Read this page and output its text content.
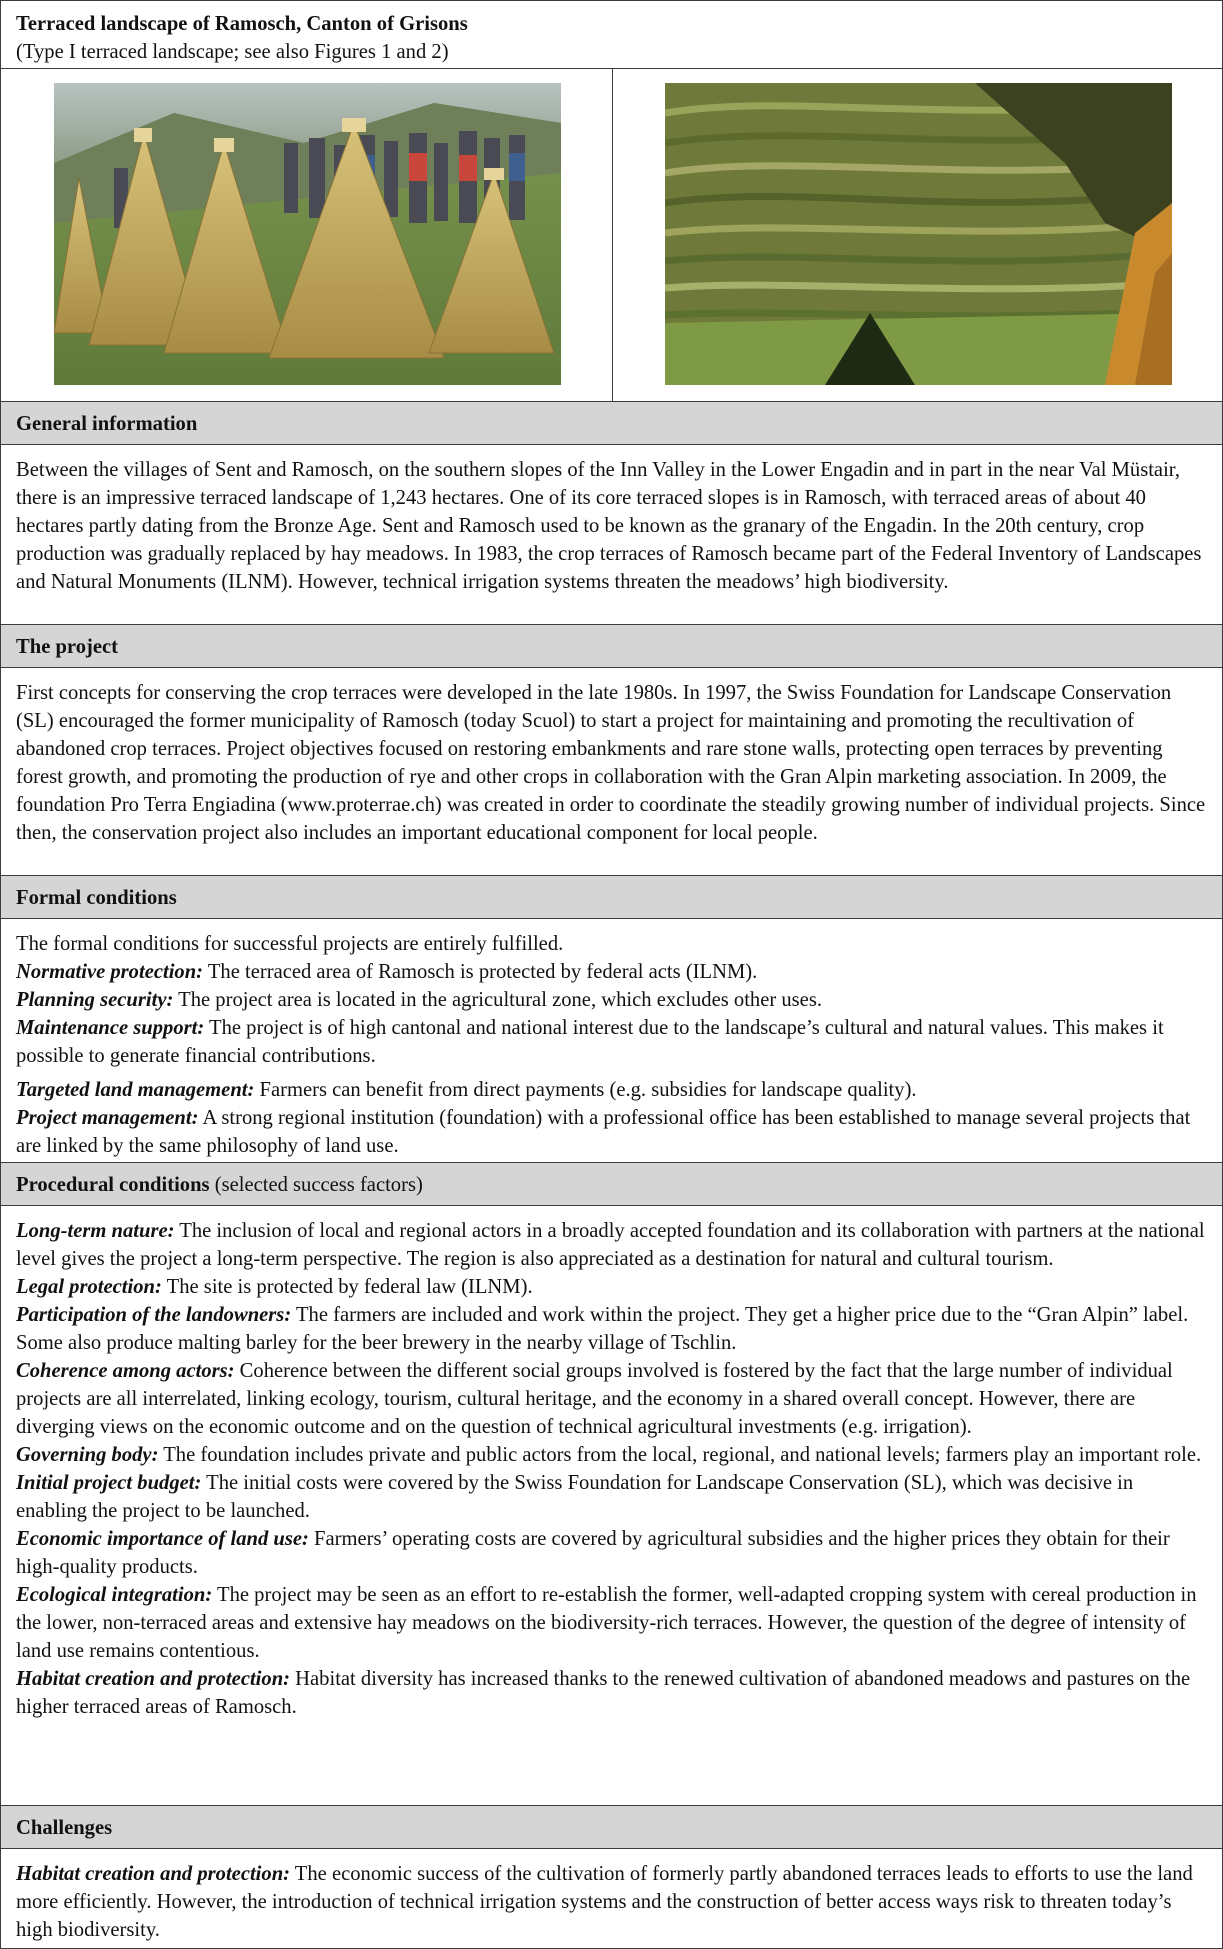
Terraced landscape of Ramosch, Canton of Grisons
(Type I terraced landscape; see also Figures 1 and 2)
General information

Between the villages of Sent and Ramosch, on the southern slopes of the Inn Valley in the Lower Engadin and in part in the near Val Müstair, there is an impressive terraced landscape of 1,243 hectares. One of its core terraced slopes is in Ramosch, with terraced areas of about 40 hectares partly dating from the Bronze Age. Sent and Ramosch used to be known as the granary of the Engadin. In the 20th century, crop production was gradually replaced by hay meadows. In 1983, the crop terraces of Ramosch became part of the Federal Inventory of Landscapes and Natural Monuments (ILNM). However, technical irrigation systems threaten the meadows’ high biodiversity.

The project

First concepts for conserving the crop terraces were developed in the late 1980s. In 1997, the Swiss Foundation for Landscape Conservation (SL) encouraged the former municipality of Ramosch (today Scuol) to start a project for maintaining and promoting the recultivation of abandoned crop terraces. Project objectives focused on restoring embankments and rare stone walls, protecting open terraces by preventing forest growth, and promoting the production of rye and other crops in collaboration with the Gran Alpin marketing association. In 2009, the foundation Pro Terra Engiadina (www.proterrae.ch) was created in order to coordinate the steadily growing number of individual projects. Since then, the conservation project also includes an important educational component for local people.

Formal conditions

The formal conditions for successful projects are entirely fulfilled.

Normative protection: The terraced area of Ramosch is protected by federal acts (ILNM).

Planning security: The project area is located in the agricultural zone, which excludes other uses.

Maintenance support: The project is of high cantonal and national interest due to the landscape’s cultural and natural values. This makes it possible to generate financial contributions.

Targeted land management: Farmers can benefit from direct payments (e.g. subsidies for landscape quality).

Project management: A strong regional institution (foundation) with a professional office has been established to manage several projects that are linked by the same philosophy of land use.

Procedural conditions (selected success factors)

Long-term nature: The inclusion of local and regional actors in a broadly accepted foundation and its collaboration with partners at the national level gives the project a long-term perspective. The region is also appreciated as a destination for natural and cultural tourism.

Legal protection: The site is protected by federal law (ILNM).

Participation of the landowners: The farmers are included and work within the project. They get a higher price due to the “Gran Alpin” label. Some also produce malting barley for the beer brewery in the nearby village of Tschlin.

Coherence among actors: Coherence between the different social groups involved is fostered by the fact that the large number of individual projects are all interrelated, linking ecology, tourism, cultural heritage, and the economy in a shared overall concept. However, there are diverging views on the economic outcome and on the question of technical agricultural investments (e.g. irrigation).

Governing body: The foundation includes private and public actors from the local, regional, and national levels; farmers play an important role.

Initial project budget: The initial costs were covered by the Swiss Foundation for Landscape Conservation (SL), which was decisive in enabling the project to be launched.

Economic importance of land use: Farmers’ operating costs are covered by agricultural subsidies and the higher prices they obtain for their high-quality products.

Ecological integration: The project may be seen as an effort to re-establish the former, well-adapted cropping system with cereal production in the lower, non-terraced areas and extensive hay meadows on the biodiversity-rich terraces. However, the question of the degree of intensity of land use remains contentious.

Habitat creation and protection: Habitat diversity has increased thanks to the renewed cultivation of abandoned meadows and pastures on the higher terraced areas of Ramosch.

Challenges

Habitat creation and protection: The economic success of the cultivation of formerly partly abandoned terraces leads to efforts to use the land more efficiently. However, the introduction of technical irrigation systems and the construction of better access ways risk to threaten today’s high biodiversity.
